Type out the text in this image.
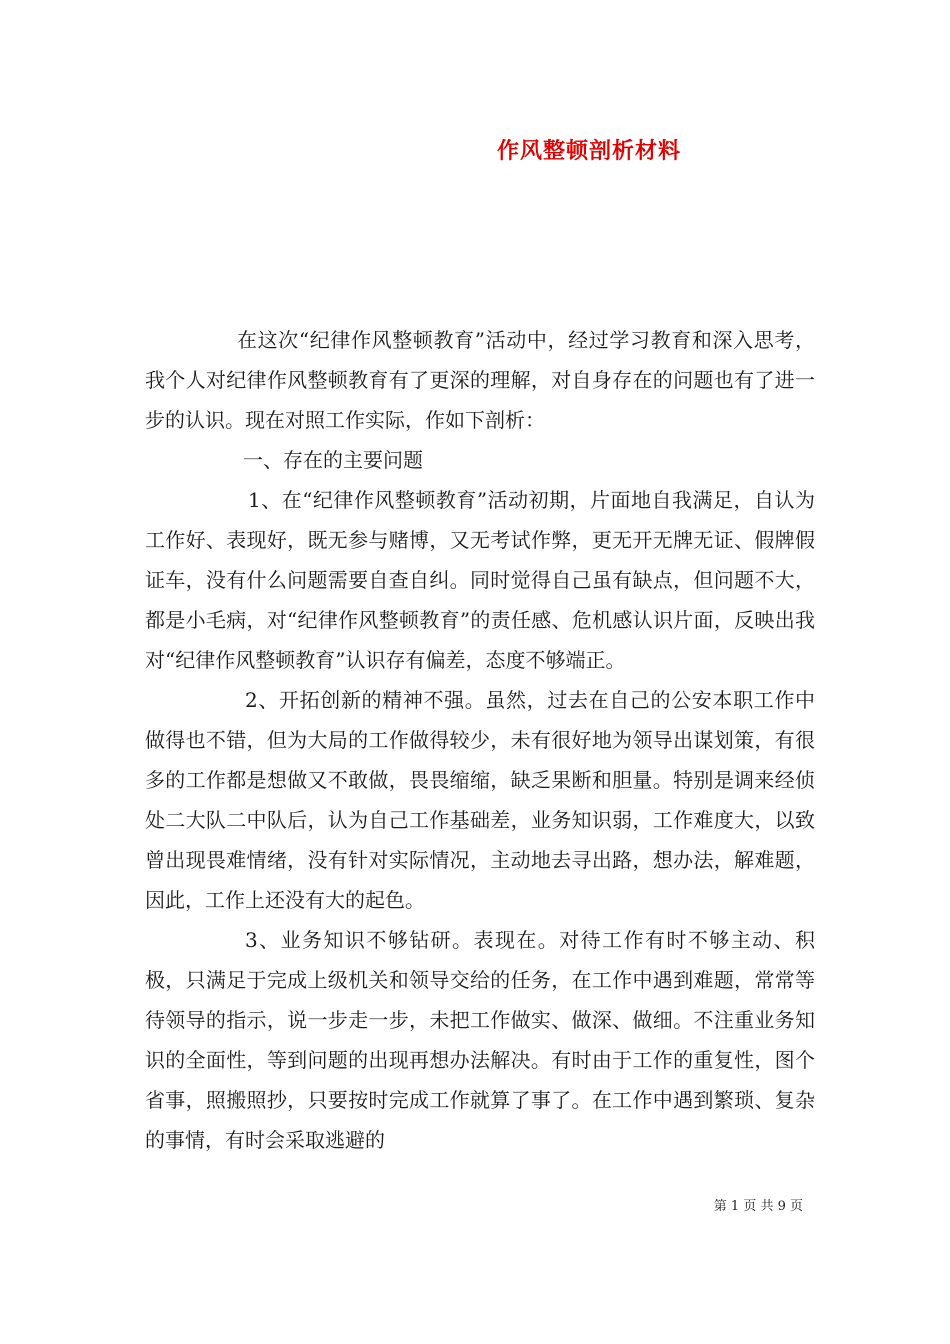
作风整顿剖析材料

在这次“纪律作风整顿教育”活动中，经过学习教育和深入思考，我个人对纪律作风整顿教育有了更深的理解，对自身存在的问题也有了进一步的认识。现在对照工作实际，作如下剖析：

一、存在的主要问题

1、在“纪律作风整顿教育”活动初期，片面地自我满足，自认为工作好、表现好，既无参与赌博，又无考试作弊，更无开无牌无证、假牌假证车，没有什么问题需要自查自纠。同时觉得自己虽有缺点，但问题不大，都是小毛病，对“纪律作风整顿教育”的责任感、危机感认识片面，反映出我对“纪律作风整顿教育”认识存有偏差，态度不够端正。

2、开拓创新的精神不强。虽然，过去在自己的公安本职工作中做得也不错，但为大局的工作做得较少，未有很好地为领导出谋划策，有很多的工作都是想做又不敢做，畏畏缩缩，缺乏果断和胆量。特别是调来经侦处二大队二中队后，认为自己工作基础差，业务知识弱，工作难度大，以致曾出现畏难情绪，没有针对实际情况，主动地去寻出路，想办法，解难题，因此，工作上还没有大的起色。

3、业务知识不够钻研。表现在。对待工作有时不够主动、积极，只满足于完成上级机关和领导交给的任务，在工作中遇到难题，常常等待领导的指示，说一步走一步，未把工作做实、做深、做细。不注重业务知识的全面性，等到问题的出现再想办法解决。有时由于工作的重复性，图个省事，照搬照抄，只要按时完成工作就算了事了。在工作中遇到繁琐、复杂的事情，有时会采取逃避的

第 1 页 共 9 页
